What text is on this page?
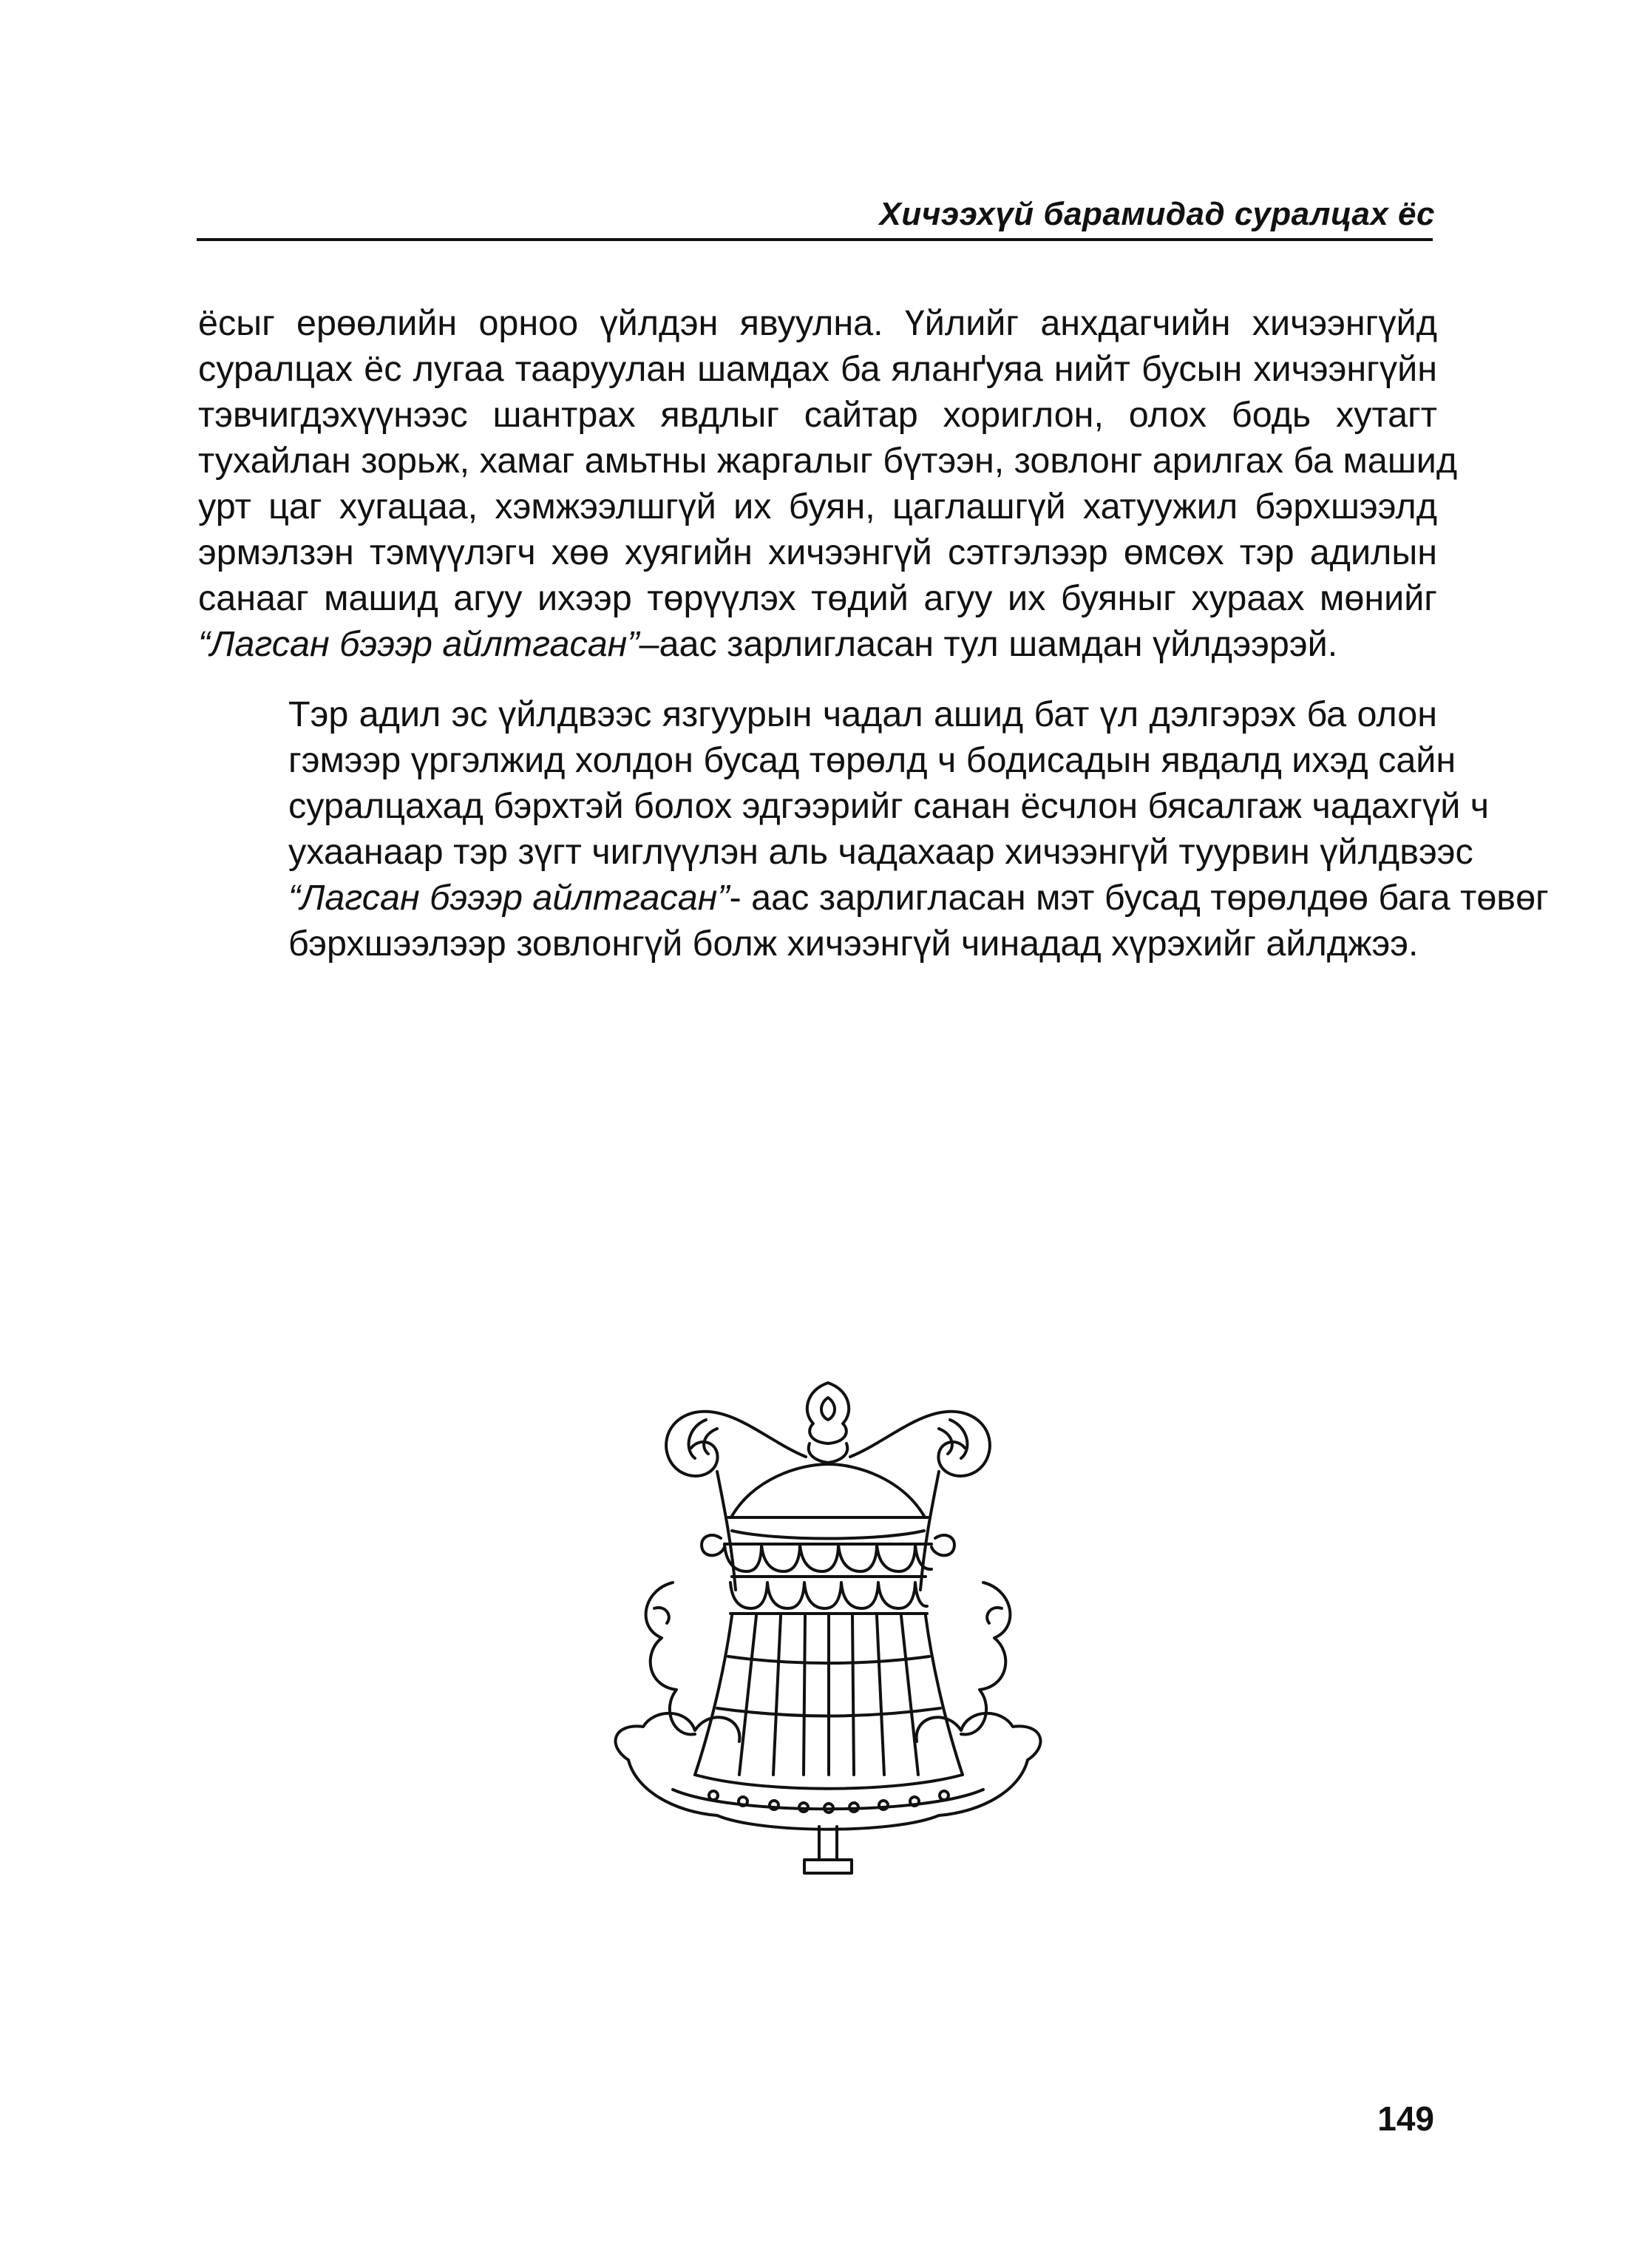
Хичээхүй барамидад суралцах ёс

ёсыг ерөөлийн орноо үйлдэн явуулна. Үйлийг анхдагчийн хичээнгүйд
суралцах ёс лугаа тааруулан шамдах ба яланґуяа нийт бусын хичээнгүйн
тэвчигдэхүүнээс шантрах явдлыг сайтар хориглон, олох бодь хутагт
тухайлан зорьж, хамаг амьтны жаргалыг бүтээн, зовлонг арилгах ба машид
урт цаг хугацаа, хэмжээлшгүй их буян, цаглашгүй хатуужил бэрхшээлд
эрмэлзэн тэмүүлэгч хөө хуягийн хичээнгүй сэтгэлээр өмсөх тэр адилын
санааг машид агуу ихээр төрүүлэх төдий агуу их буяныг хураах мөнийг
“Лагсан бэээр айлтгасан”–аас зарлигласан тул шамдан үйлдээрэй.

Тэр адил эс үйлдвээс язгуурын чадал ашид бат үл дэлгэрэх ба олон
гэмээр үргэлжид холдон бусад төрөлд ч бодисадын явдалд ихэд сайн
суралцахад бэрхтэй болох эдгээрийг санан ёсчлон бясалгаж чадахгүй ч
ухаанаар тэр зүгт чиглүүлэн аль чадахаар хичээнгүй туурвин үйлдвээс
“Лагсан бэээр айлтгасан”- аас зарлигласан мэт бусад төрөлдөө бага төвөг
бэрхшээлээр зовлонгүй болж хичээнгүй чинадад хүрэхийг айлджээ.

149
